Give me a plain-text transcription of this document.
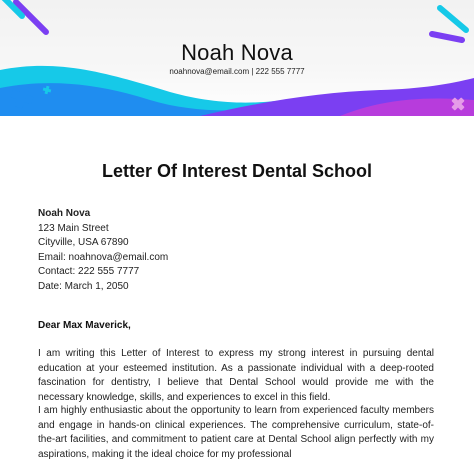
Noah Nova
noahnova@email.com | 222 555 7777
Letter Of Interest Dental School
Noah Nova
123 Main Street
Cityville, USA 67890
Email: noahnova@email.com
Contact: 222 555 7777
Date: March 1, 2050
Dear Max Maverick,
I am writing this Letter of Interest to express my strong interest in pursuing dental education at your esteemed institution. As a passionate individual with a deep-rooted fascination for dentistry, I believe that Dental School would provide me with the necessary knowledge, skills, and experiences to excel in this field.
I am highly enthusiastic about the opportunity to learn from experienced faculty members and engage in hands-on clinical experiences. The comprehensive curriculum, state-of-the-art facilities, and commitment to patient care at Dental School align perfectly with my aspirations, making it the ideal choice for my professional
